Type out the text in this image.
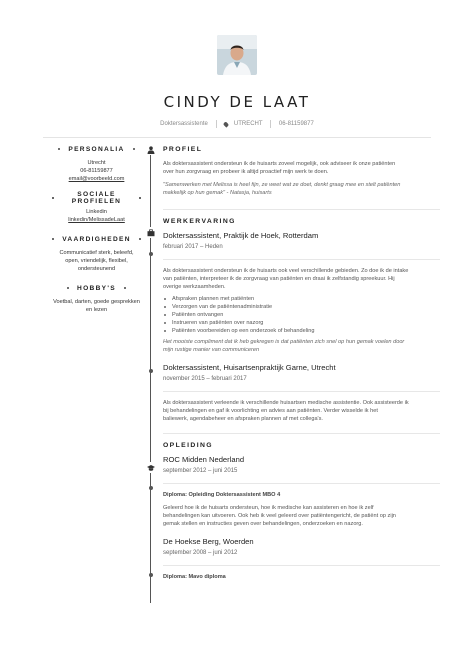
CINDY DE LAAT
Doktersassistente	UTRECHT	06-81159877
PERSONALIA
Utrecht
06-81159877
email@voorbeeld.com
SOCIALE PROFIELEN
Linkedin
linkedin/MelissadeLaat
VAARDIGHEDEN
Communicatief sterk, beleefd,
open, vriendelijk, flexibel,
ondersteunend
HOBBY'S
Voetbal, darten, goede gesprekken
en lezen
PROFIEL
Als doktersassistent ondersteun ik de huisarts zoveel mogelijk, ook adviseer ik onze patiënten
over hun zorgvraag en probeer ik altijd proactief mijn werk te doen.
"Samenwerken met Melissa is heel fijn, ze weet wat ze doet, denkt graag mee en stelt patiënten
makkelijk op hun gemak" - Natasja, huisarts
WERKERVARING
Doktersassistent, Praktijk de Hoek, Rotterdam
februari 2017 – Heden
Als doktersassistent ondersteun ik de huisarts ook veel verschillende gebieden. Zo doe ik de intake
van patiënten, interpreteer ik de zorgvraag van patiënten en draai ik zelfstandig spreekuur. Hij
overige werkzaamheden.
Afspraken plannen met patiënten
Verzorgen van de patiëntenadministratie
Patiënten ontvangen
Instrueren van patiënten over nazorg
Patiënten voorbereiden op een onderzoek of behandeling
Het mooiste compliment dat ik heb gekregen is dat patiënten zich snel op hun gemak voelen door
mijn rustige manier van communiceren
Doktersassistent, Huisartsenpraktijk Garne, Utrecht
november 2015 – februari 2017
Als doktersassistent verleende ik verschillende huisartsen medische assistentie. Ook assisteerde ik
bij behandelingen en gaf ik voorlichting en advies aan patiënten. Verder wisselde ik het
baliewerk, agendabeheer en afspraken plannen af met collega's.
OPLEIDING
ROC Midden Nederland
september 2012 – juni 2015
Diploma: Opleiding Doktersassistent MBO 4
Geleerd hoe ik de huisarts ondersteun, hoe ik medische kan assisteren en hoe ik zelf
behandelingen kan uitvoeren. Ook heb ik veel geleerd over patiëntengericht, de patiënt op zijn
gemak stellen en instructies geven over behandelingen, onderzoeken en nazorg.
De Hoekse Berg, Woerden
september 2008 – juni 2012
Diploma: Mavo diploma
